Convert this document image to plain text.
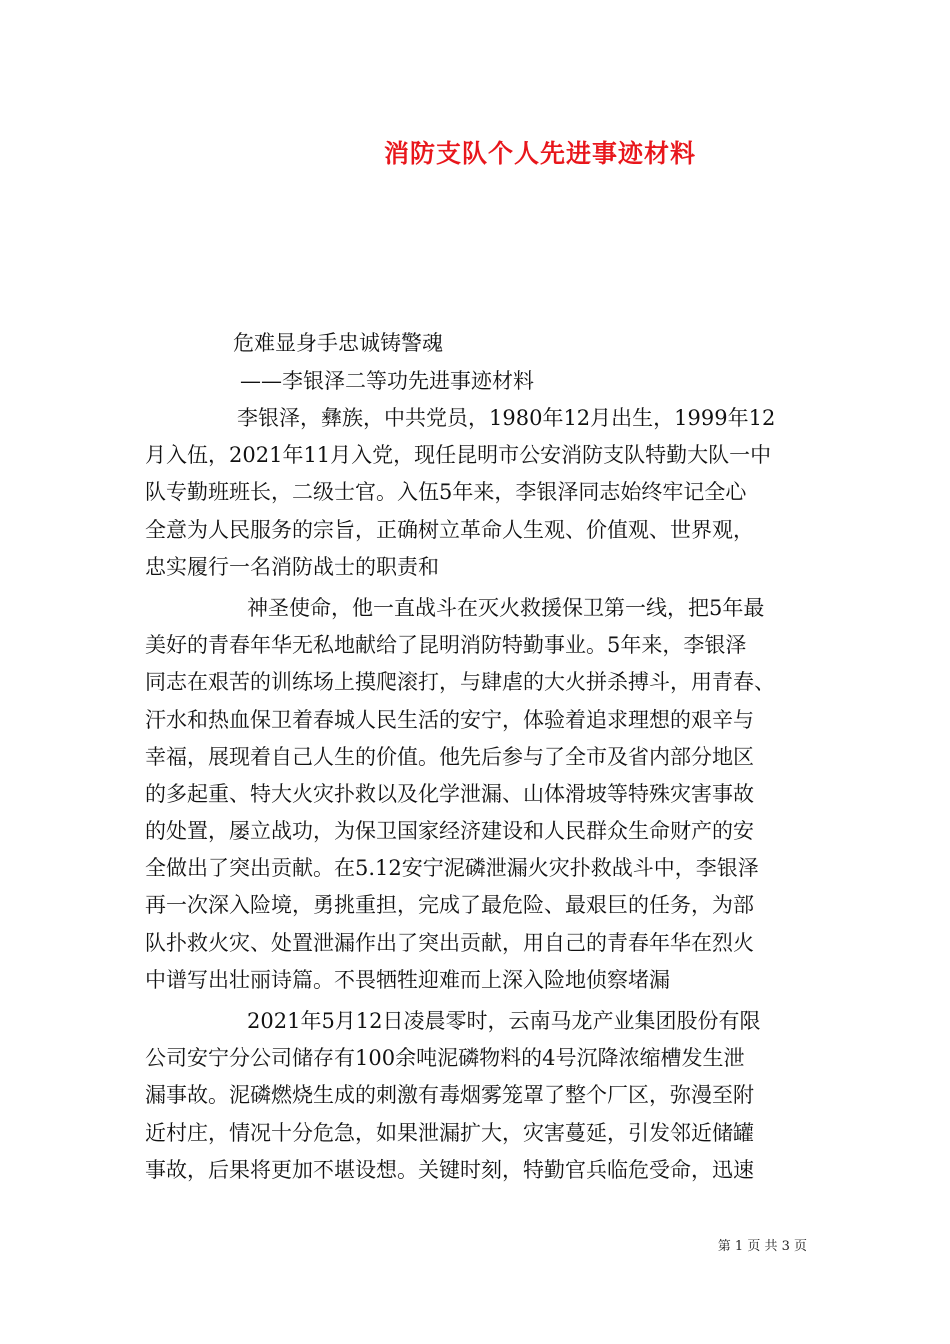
消防支队个人先进事迹材料
危难显身手忠诚铸警魂
——李银泽二等功先进事迹材料
李银泽，彝族，中共党员，1980年12月出生，1999年12
月入伍，2021年11月入党，现任昆明市公安消防支队特勤大队一中
队专勤班班长，二级士官。入伍5年来，李银泽同志始终牢记全心
全意为人民服务的宗旨，正确树立革命人生观、价值观、世界观，
忠实履行一名消防战士的职责和
神圣使命，他一直战斗在灭火救援保卫第一线，把5年最
美好的青春年华无私地献给了昆明消防特勤事业。5年来，李银泽
同志在艰苦的训练场上摸爬滚打，与肆虐的大火拼杀搏斗，用青春、
汗水和热血保卫着春城人民生活的安宁，体验着追求理想的艰辛与
幸福，展现着自己人生的价值。他先后参与了全市及省内部分地区
的多起重、特大火灾扑救以及化学泄漏、山体滑坡等特殊灾害事故
的处置，屡立战功，为保卫国家经济建设和人民群众生命财产的安
全做出了突出贡献。在5.12安宁泥磷泄漏火灾扑救战斗中，李银泽
再一次深入险境，勇挑重担，完成了最危险、最艰巨的任务，为部
队扑救火灾、处置泄漏作出了突出贡献，用自己的青春年华在烈火
中谱写出壮丽诗篇。不畏牺牲迎难而上深入险地侦察堵漏
2021年5月12日凌晨零时，云南马龙产业集团股份有限
公司安宁分公司储存有100余吨泥磷物料的4号沉降浓缩槽发生泄
漏事故。泥磷燃烧生成的刺激有毒烟雾笼罩了整个厂区，弥漫至附
近村庄，情况十分危急，如果泄漏扩大，灾害蔓延，引发邻近储罐
事故，后果将更加不堪设想。关键时刻，特勤官兵临危受命，迅速
第 1 页 共 3 页
